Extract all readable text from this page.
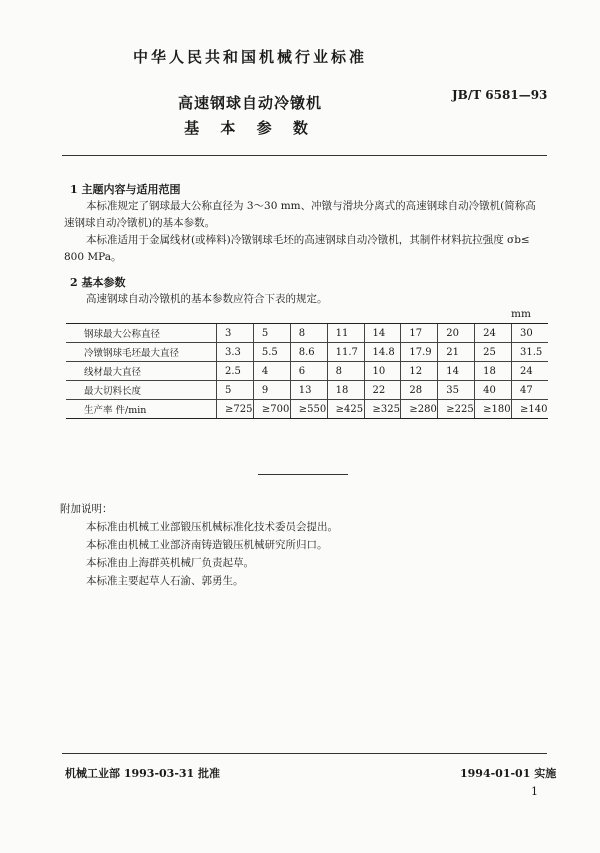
中华人民共和国机械行业标准
JB/T 6581—93
高速钢球自动冷镦机
基 本 参 数
1 主题内容与适用范围
本标准规定了钢球最大公称直径为 3～30 mm、冲镦与滑块分离式的高速钢球自动冷镦机(简称高
速钢球自动冷镦机)的基本参数。
本标准适用于金属线材(或棒料)冷镦钢球毛坯的高速钢球自动冷镦机，其制件材料抗拉强度 σb≤
800 MPa。
2 基本参数
高速钢球自动冷镦机的基本参数应符合下表的规定。
mm
钢球最大公称直径	3	5	8	11	14	17	20	24	30
冷镦钢球毛坯最大直径	3.3	5.5	8.6	11.7	14.8	17.9	21	25	31.5
线材最大直径	2.5	4	6	8	10	12	14	18	24
最大切料长度	5	9	13	18	22	28	35	40	47
生产率 件/min	≥725	≥700	≥550	≥425	≥325	≥280	≥225	≥180	≥140
附加说明：
本标准由机械工业部锻压机械标准化技术委员会提出。
本标准由机械工业部济南铸造锻压机械研究所归口。
本标准由上海群英机械厂负责起草。
本标准主要起草人石渝、郭勇生。
机械工业部 1993-03-31 批准	1994-01-01 实施
1
